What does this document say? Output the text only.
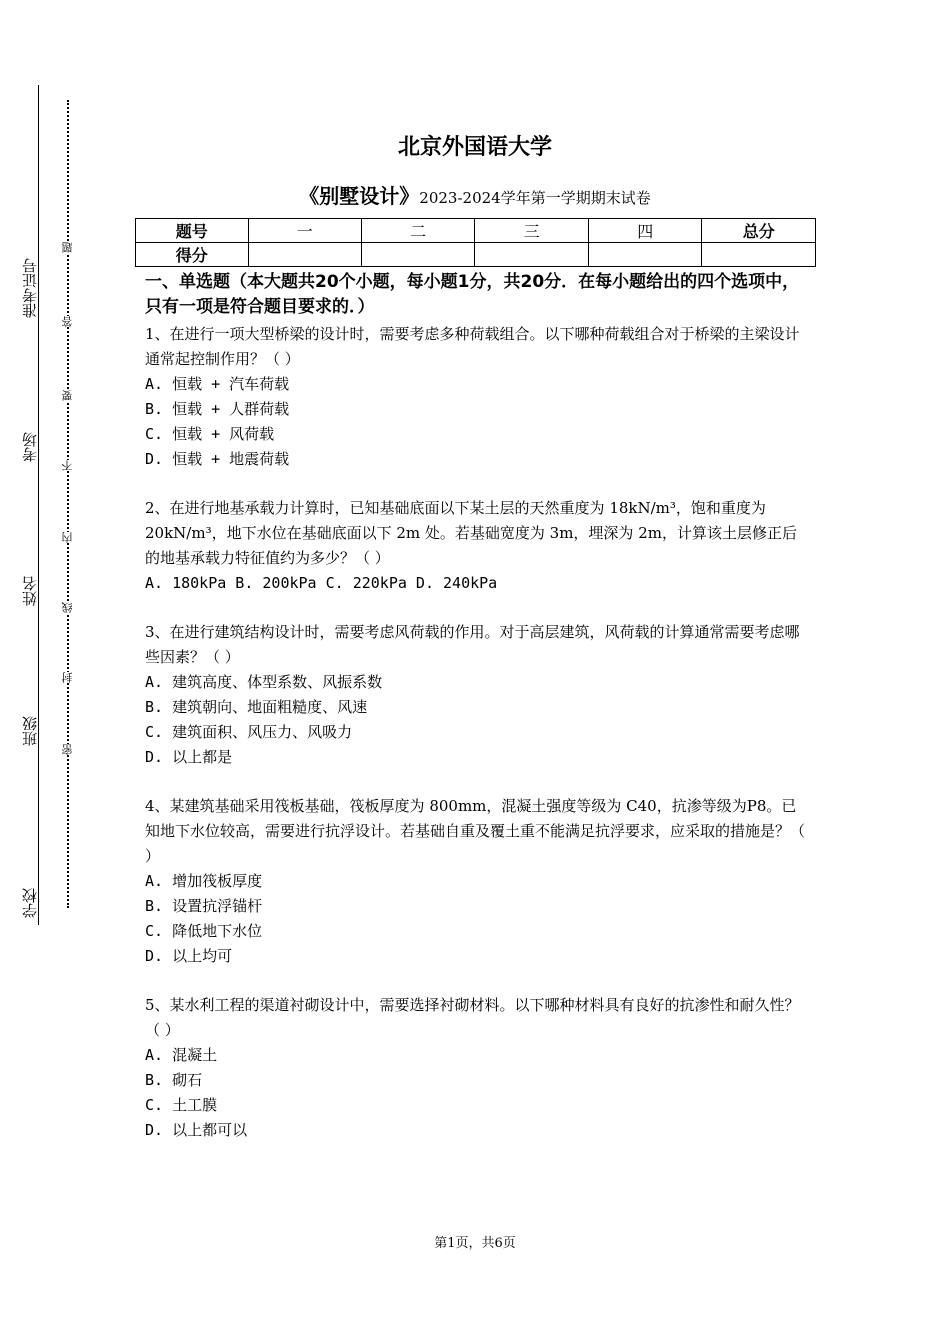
准考证号
考场
姓名
班级
学校
题
答
要
不
内
线
封
密
北京外国语大学
《别墅设计》2023-2024学年第一学期期末试卷
题号	一	二	三	四	总分
得分					
一、单选题（本大题共20个小题，每小题1分，共20分．在每小题给出的四个选项中，只有一项是符合题目要求的．）
1、在进行一项大型桥梁的设计时，需要考虑多种荷载组合。以下哪种荷载组合对于桥梁的主梁设计通常起控制作用？（ ）
A. 恒载 + 汽车荷载
B. 恒载 + 人群荷载
C. 恒载 + 风荷载
D. 恒载 + 地震荷载
2、在进行地基承载力计算时，已知基础底面以下某土层的天然重度为 18kN/m³，饱和重度为 20kN/m³，地下水位在基础底面以下 2m 处。若基础宽度为 3m，埋深为 2m，计算该土层修正后的地基承载力特征值约为多少？（ ）
A. 180kPa B. 200kPa C. 220kPa D. 240kPa
3、在进行建筑结构设计时，需要考虑风荷载的作用。对于高层建筑，风荷载的计算通常需要考虑哪些因素？（ ）
A. 建筑高度、体型系数、风振系数
B. 建筑朝向、地面粗糙度、风速
C. 建筑面积、风压力、风吸力
D. 以上都是
4、某建筑基础采用筏板基础，筏板厚度为 800mm，混凝土强度等级为 C40，抗渗等级为P8。已知地下水位较高，需要进行抗浮设计。若基础自重及覆土重不能满足抗浮要求，应采取的措施是？（ ）
A. 增加筏板厚度
B. 设置抗浮锚杆
C. 降低地下水位
D. 以上均可
5、某水利工程的渠道衬砌设计中，需要选择衬砌材料。以下哪种材料具有良好的抗渗性和耐久性？（ ）
A. 混凝土
B. 砌石
C. 土工膜
D. 以上都可以
第1页，共6页
